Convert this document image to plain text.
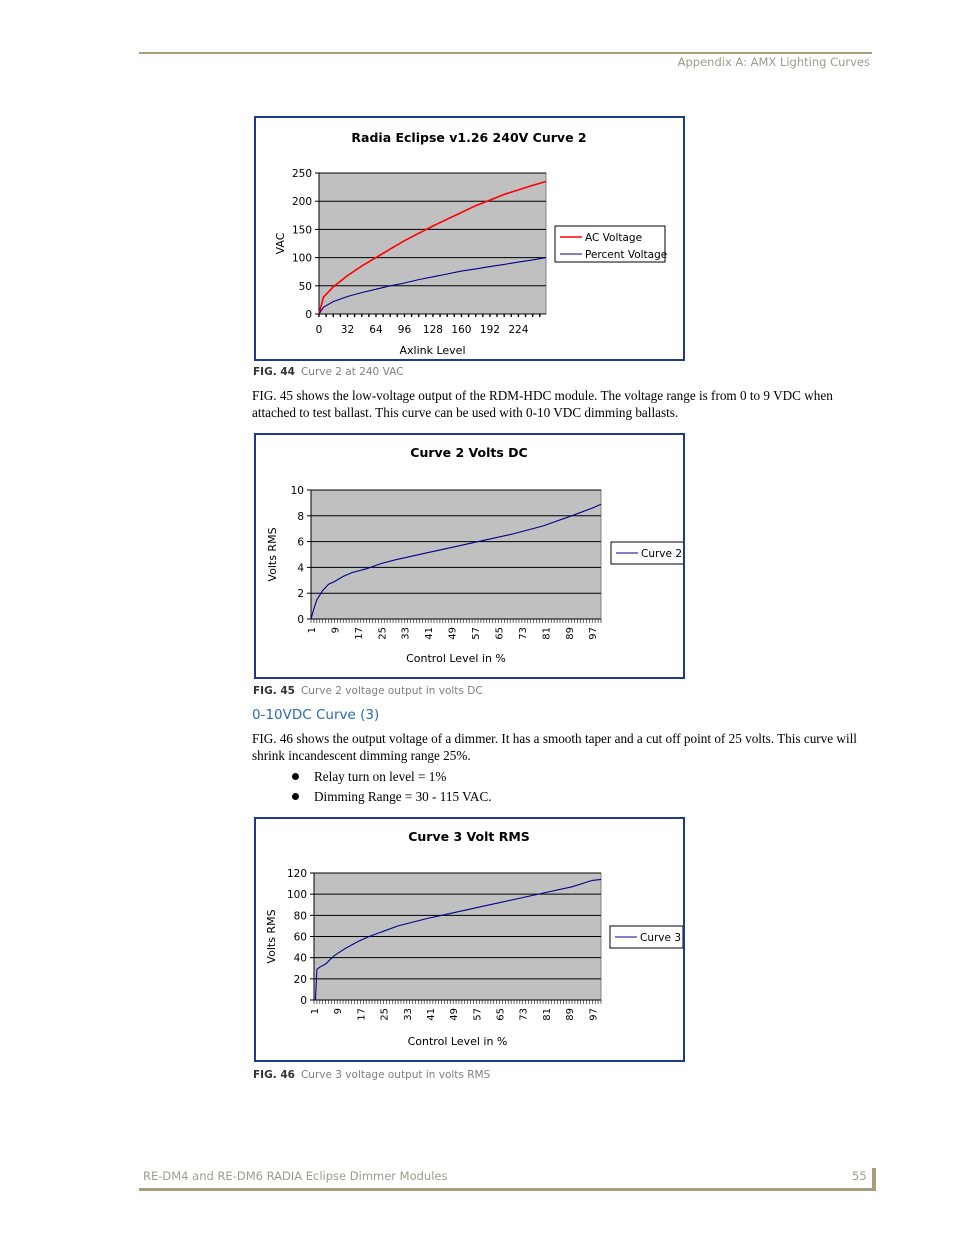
Appendix A: AMX Lighting Curves
Radia Eclipse v1.26 240V Curve 2
0
50
100
150
200
250
0 32 64 96 128 160 192 224
Axlink Level
VAC	AC Voltage
Percent Voltage
FIG. 44 Curve 2 at 240 VAC
FIG. 45 shows the low-voltage output of the RDM-HDC module. The voltage range is from 0 to 9 VDC when attached to test ballast. This curve can be used with 0-10 VDC dimming ballasts.
Curve 2 Volts DC
0
2
4
6
8
10
1 9 17 25 33 41 49 57 65 73 81 89 97
Control Level in %
Volts RMS	Curve 2
FIG. 45 Curve 2 voltage output in volts DC
0-10VDC Curve (3)
FIG. 46 shows the output voltage of a dimmer. It has a smooth taper and a cut off point of 25 volts. This curve will shrink incandescent dimming range 25%.
Relay turn on level = 1%
Dimming Range = 30 - 115 VAC.
Curve 3 Volt RMS
0
20
40
60
80
100
120
1 9 17 25 33 41 49 57 65 73 81 89 97
Control Level in %
Volts RMS	Curve 3
FIG. 46 Curve 3 voltage output in volts RMS
RE-DM4 and RE-DM6 RADIA Eclipse Dimmer Modules	55
